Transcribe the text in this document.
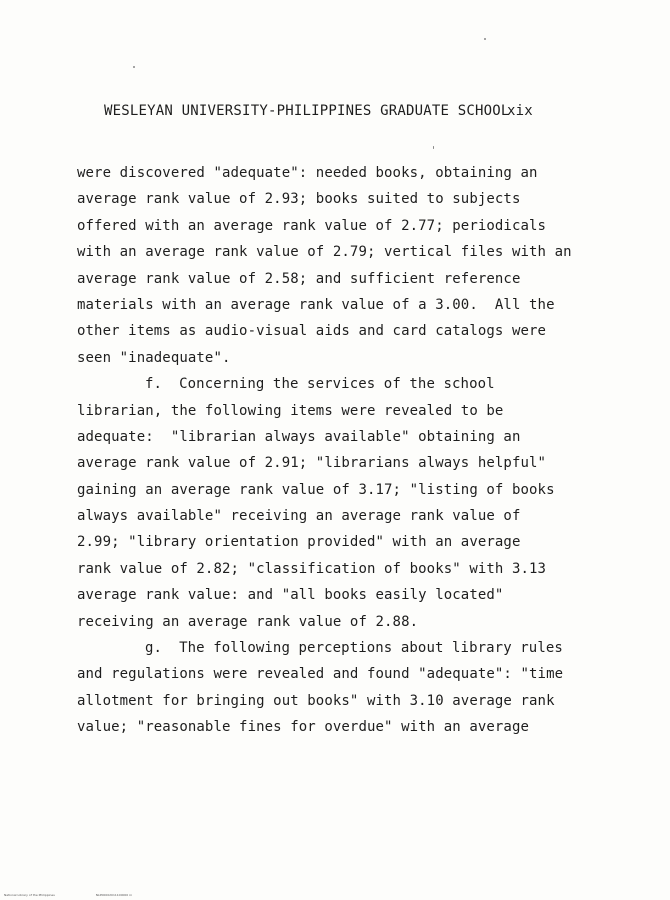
WESLEYAN UNIVERSITY-PHILIPPINES GRADUATE SCHOOL
xix
were discovered "adequate": needed books, obtaining an
average rank value of 2.93; books suited to subjects
offered with an average rank value of 2.77; periodicals
with an average rank value of 2.79; vertical files with an
average rank value of 2.58; and sufficient reference
materials with an average rank value of a 3.00.  All the
other items as audio-visual aids and card catalogs were
seen "inadequate".
f.  Concerning the services of the school
librarian, the following items were revealed to be
adequate:  "librarian always available" obtaining an
average rank value of 2.91; "librarians always helpful"
gaining an average rank value of 3.17; "listing of books
always available" receiving an average rank value of
2.99; "library orientation provided" with an average
rank value of 2.82; "classification of books" with 3.13
average rank value: and "all books easily located"
receiving an average rank value of 2.88.
g.  The following perceptions about library rules
and regulations were revealed and found "adequate": "time
allotment for bringing out books" with 3.10 average rank
value; "reasonable fines for overdue" with an average
National Library of the Philippines	NLP00002011100000 iii
